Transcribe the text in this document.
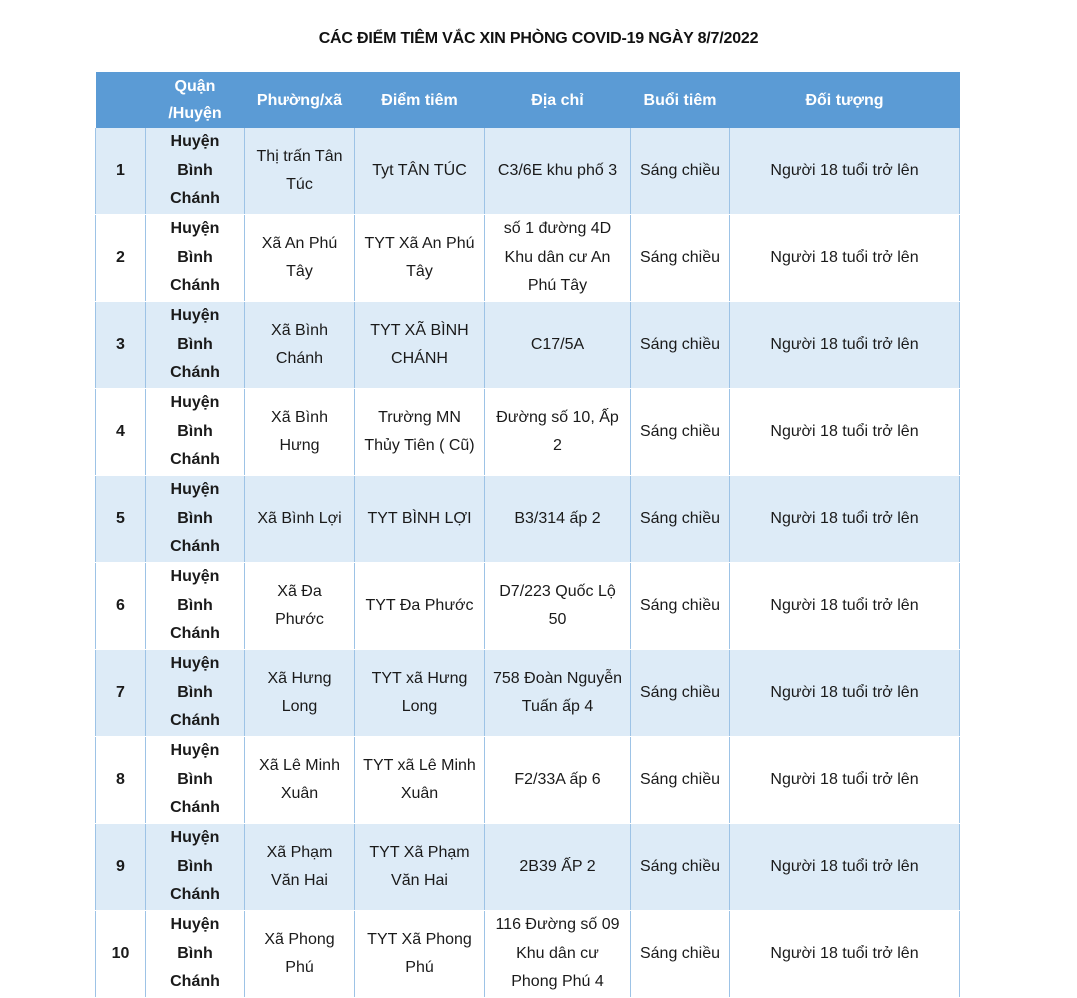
CÁC ĐIỂM TIÊM VẮC XIN PHÒNG COVID-19 NGÀY 8/7/2022
	Quận /Huyện	Phường/xã	Điểm tiêm	Địa chỉ	Buổi tiêm	Đối tượng
1	Huyện Bình Chánh	Thị trấn Tân Túc	Tyt TÂN TÚC	C3/6E khu phố 3	Sáng chiều	Người 18 tuổi trở lên
2	Huyện Bình Chánh	Xã An Phú Tây	TYT Xã An Phú Tây	số 1 đường 4D Khu dân cư An Phú Tây	Sáng chiều	Người 18 tuổi trở lên
3	Huyện Bình Chánh	Xã Bình Chánh	TYT XÃ BÌNH CHÁNH	C17/5A	Sáng chiều	Người 18 tuổi trở lên
4	Huyện Bình Chánh	Xã Bình Hưng	Trường MN Thủy Tiên ( Cũ)	Đường số 10, Ấp 2	Sáng chiều	Người 18 tuổi trở lên
5	Huyện Bình Chánh	Xã Bình Lợi	TYT BÌNH LỢI	B3/314 ấp 2	Sáng chiều	Người 18 tuổi trở lên
6	Huyện Bình Chánh	Xã Đa Phước	TYT Đa Phước	D7/223 Quốc Lộ 50	Sáng chiều	Người 18 tuổi trở lên
7	Huyện Bình Chánh	Xã Hưng Long	TYT xã Hưng Long	758 Đoàn Nguyễn Tuấn ấp 4	Sáng chiều	Người 18 tuổi trở lên
8	Huyện Bình Chánh	Xã Lê Minh Xuân	TYT xã Lê Minh Xuân	F2/33A ấp 6	Sáng chiều	Người 18 tuổi trở lên
9	Huyện Bình Chánh	Xã Phạm Văn Hai	TYT Xã Phạm Văn Hai	2B39 ẤP 2	Sáng chiều	Người 18 tuổi trở lên
10	Huyện Bình Chánh	Xã Phong Phú	TYT Xã Phong Phú	116 Đường số 09 Khu dân cư Phong Phú 4	Sáng chiều	Người 18 tuổi trở lên
